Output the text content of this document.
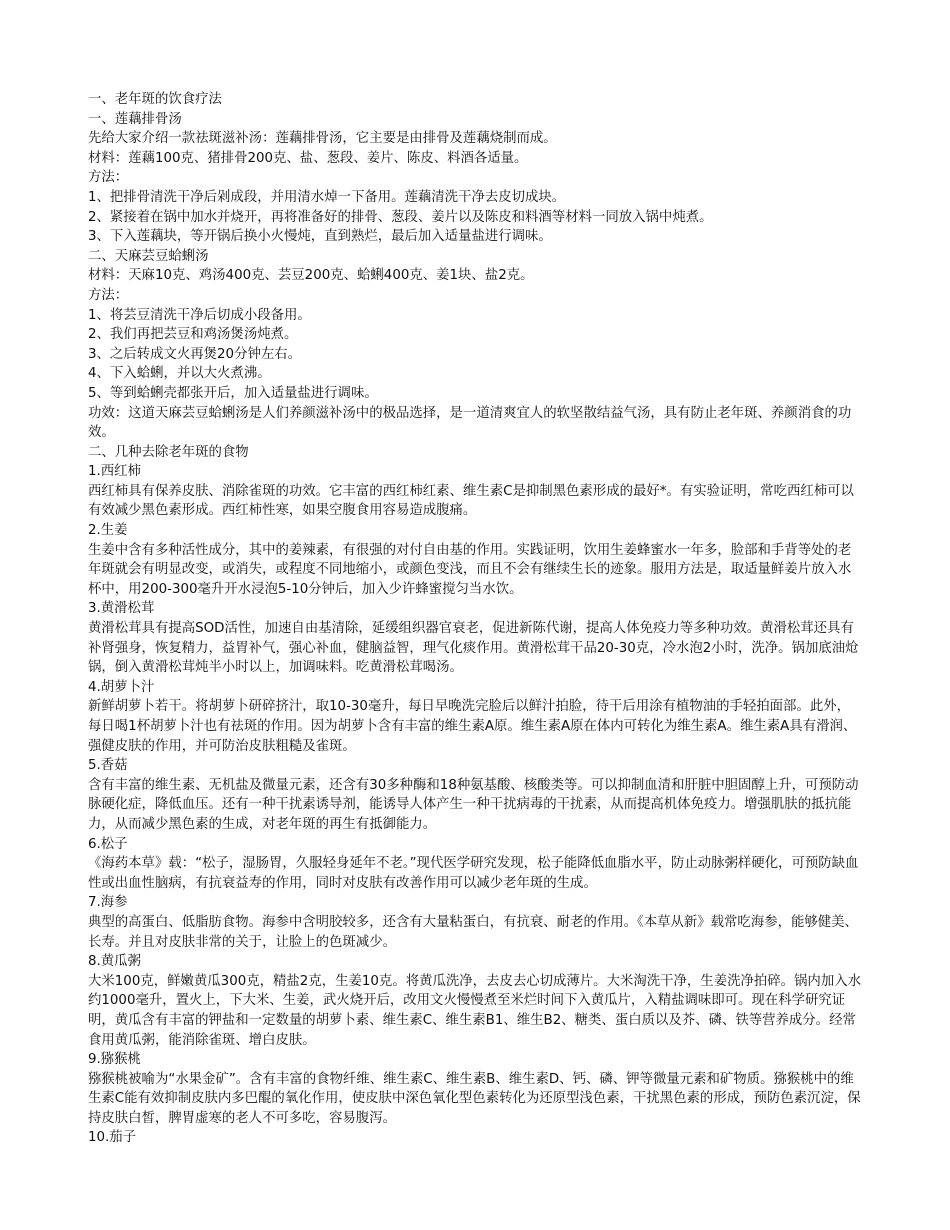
一、老年斑的饮食疗法

一、莲藕排骨汤

先给大家介绍一款祛斑滋补汤：莲藕排骨汤，它主要是由排骨及莲藕烧制而成。

材料：莲藕100克、猪排骨200克、盐、葱段、姜片、陈皮、料酒各适量。

方法：

1、把排骨清洗干净后剁成段，并用清水焯一下备用。莲藕清洗干净去皮切成块。

2、紧接着在锅中加水并烧开，再将准备好的排骨、葱段、姜片以及陈皮和料酒等材料一同放入锅中炖煮。

3、下入莲藕块，等开锅后换小火慢炖，直到熟烂，最后加入适量盐进行调味。

二、天麻芸豆蛤蜊汤

材料：天麻10克、鸡汤400克、芸豆200克、蛤蜊400克、姜1块、盐2克。

方法：

1、将芸豆清洗干净后切成小段备用。

2、我们再把芸豆和鸡汤煲汤炖煮。

3、之后转成文火再煲20分钟左右。

4、下入蛤蜊，并以大火煮沸。

5、等到蛤蜊壳都张开后，加入适量盐进行调味。

功效：这道天麻芸豆蛤蜊汤是人们养颜滋补汤中的极品选择，是一道清爽宜人的软坚散结益气汤，具有防止老年斑、养颜消食的功效。

二、几种去除老年斑的食物

1.西红柿

西红柿具有保养皮肤、消除雀斑的功效。它丰富的西红柿红素、维生素C是抑制黑色素形成的最好*。有实验证明，常吃西红柿可以有效减少黑色素形成。西红柿性寒，如果空腹食用容易造成腹痛。

2.生姜

生姜中含有多种活性成分，其中的姜辣素，有很强的对付自由基的作用。实践证明，饮用生姜蜂蜜水一年多，脸部和手背等处的老年斑就会有明显改变，或消失，或程度不同地缩小，或颜色变浅，而且不会有继续生长的迹象。服用方法是，取适量鲜姜片放入水杯中，用200-300毫升开水浸泡5-10分钟后，加入少许蜂蜜搅匀当水饮。

3.黄滑松茸

黄滑松茸具有提高SOD活性，加速自由基清除，延缓组织器官衰老，促进新陈代谢，提高人体免疫力等多种功效。黄滑松茸还具有补肾强身，恢复精力，益胃补气，强心补血，健脑益智，理气化痰作用。黄滑松茸干品20-30克，冷水泡2小时，洗净。锅加底油炝锅，倒入黄滑松茸炖半小时以上，加调味料。吃黄滑松茸喝汤。

4.胡萝卜汁

新鲜胡萝卜若干。将胡萝卜研碎挤汁，取10-30毫升，每日早晚洗完脸后以鲜汁拍脸，待干后用涂有植物油的手轻拍面部。此外，每日喝1杯胡萝卜汁也有祛斑的作用。因为胡萝卜含有丰富的维生素A原。维生素A原在体内可转化为维生素A。维生素A具有滑润、强健皮肤的作用，并可防治皮肤粗糙及雀斑。

5.香菇

含有丰富的维生素、无机盐及微量元素，还含有30多种酶和18种氨基酸、核酸类等。可以抑制血清和肝脏中胆固醇上升，可预防动脉硬化症，降低血压。还有一种干扰素诱导剂，能诱导人体产生一种干扰病毒的干扰素，从而提高机体免疫力。增强肌肤的抵抗能力，从而减少黑色素的生成，对老年斑的再生有抵御能力。

6.松子

《海药本草》载：“松子，湿肠胃，久服轻身延年不老。”现代医学研究发现，松子能降低血脂水平，防止动脉粥样硬化，可预防缺血性或出血性脑病，有抗衰益寿的作用，同时对皮肤有改善作用可以减少老年斑的生成。

7.海参

典型的高蛋白、低脂肪食物。海参中含明胶较多，还含有大量粘蛋白，有抗衰、耐老的作用。《本草从新》载常吃海参，能够健美、长寿。并且对皮肤非常的关于，让脸上的色斑减少。

8.黄瓜粥

大米100克，鲜嫩黄瓜300克，精盐2克，生姜10克。将黄瓜洗净，去皮去心切成薄片。大米淘洗干净，生姜洗净拍碎。锅内加入水约1000毫升，置火上，下大米、生姜，武火烧开后，改用文火慢慢煮至米烂时间下入黄瓜片，入精盐调味即可。现在科学研究证明，黄瓜含有丰富的钾盐和一定数量的胡萝卜素、维生素C、维生素B1、维生B2、糖类、蛋白质以及芥、磷、铁等营养成分。经常食用黄瓜粥，能消除雀斑、增白皮肤。

9.猕猴桃

猕猴桃被喻为“水果金矿”。含有丰富的食物纤维、维生素C、维生素B、维生素D、钙、磷、钾等微量元素和矿物质。猕猴桃中的维生素C能有效抑制皮肤内多巴醌的氧化作用，使皮肤中深色氧化型色素转化为还原型浅色素，干扰黑色素的形成，预防色素沉淀，保持皮肤白皙，脾胃虚寒的老人不可多吃，容易腹泻。

10.茄子
